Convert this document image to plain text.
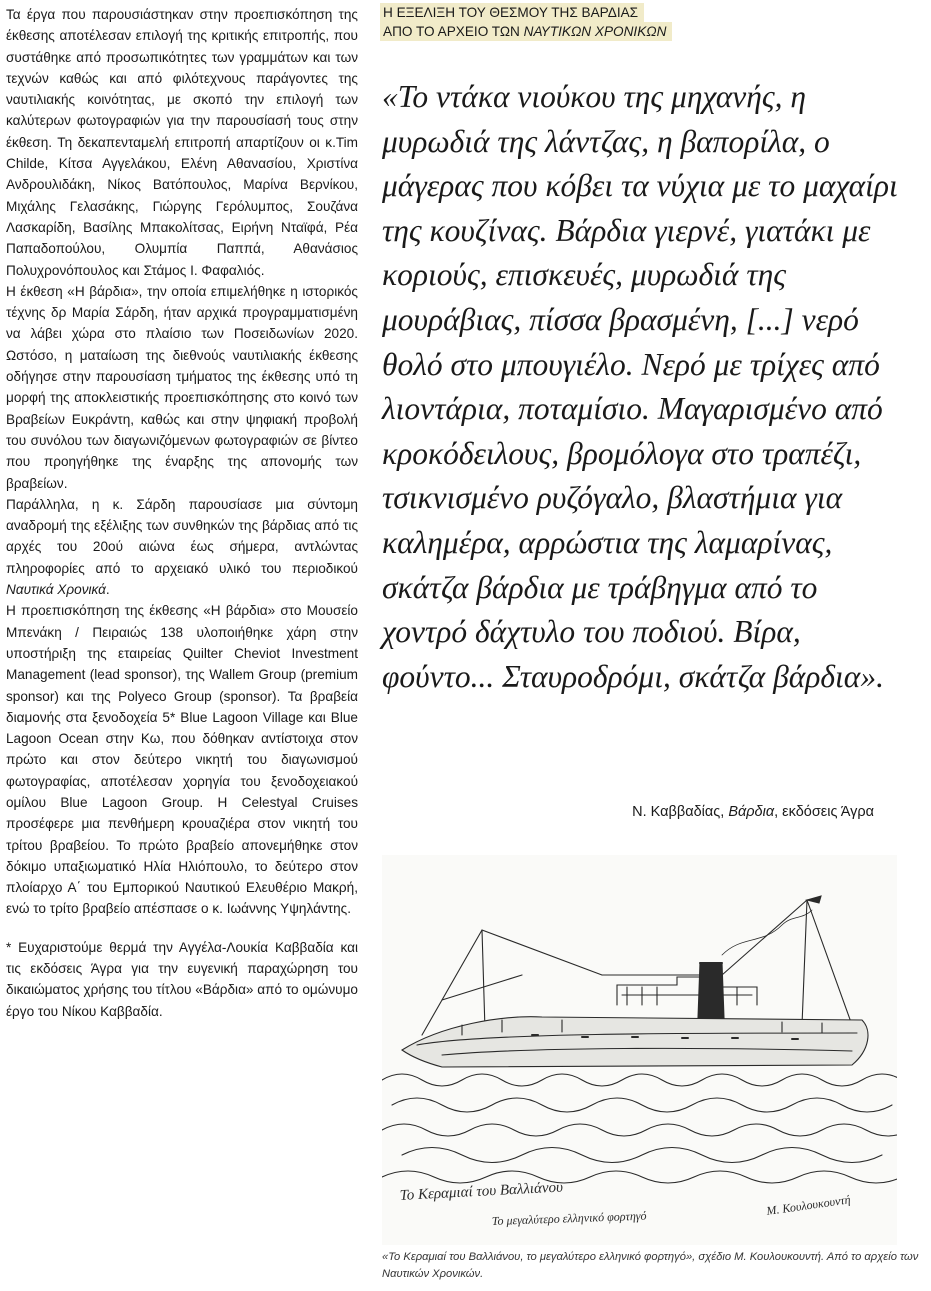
Τα έργα που παρουσιάστηκαν στην προεπισκόπηση της έκθεσης αποτέλεσαν επιλογή της κριτικής επιτροπής, που συστάθηκε από προσωπικότητες των γραμμάτων και των τεχνών καθώς και από φιλότεχνους παράγοντες της ναυτιλιακής κοινότητας, με σκοπό την επιλογή των καλύτερων φωτογραφιών για την παρουσίασή τους στην έκθεση. Τη δεκαπενταμελή επιτροπή απαρτίζουν οι κ.Tim Childe, Κίτσα Αγγελάκου, Ελένη Αθανασίου, Χριστίνα Ανδρουλιδάκη, Νίκος Βατόπουλος, Μαρίνα Βερνίκου, Μιχάλης Γελασάκης, Γιώργης Γερόλυμπος, Σουζάνα Λασκαρίδη, Βασίλης Μπακολίτσας, Ειρήνη Νταϊφά, Ρέα Παπαδοπούλου, Ολυμπία Παππά, Αθανάσιος Πολυχρονόπουλος και Στάμος Ι. Φαφαλιός.

Η έκθεση «Η βάρδια», την οποία επιμελήθηκε η ιστορικός τέχνης δρ Μαρία Σάρδη, ήταν αρχικά προγραμματισμένη να λάβει χώρα στο πλαίσιο των Ποσειδωνίων 2020. Ωστόσο, η ματαίωση της διεθνούς ναυτιλιακής έκθεσης οδήγησε στην παρουσίαση τμήματος της έκθεσης υπό τη μορφή της αποκλειστικής προεπισκόπησης στο κοινό των Βραβείων Ευκράντη, καθώς και στην ψηφιακή προβολή του συνόλου των διαγωνιζόμενων φωτογραφιών σε βίντεο που προηγήθηκε της έναρξης της απονομής των βραβείων.

Παράλληλα, η κ. Σάρδη παρουσίασε μια σύντομη αναδρομή της εξέλιξης των συνθηκών της βάρδιας από τις αρχές του 20ού αιώνα έως σήμερα, αντλώντας πληροφορίες από το αρχειακό υλικό του περιοδικού Ναυτικά Χρονικά.

Η προεπισκόπηση της έκθεσης «Η βάρδια» στο Μουσείο Μπενάκη / Πειραιώς 138 υλοποιήθηκε χάρη στην υποστήριξη της εταιρείας Quilter Cheviot Investment Management (lead sponsor), της Wallem Group (premium sponsor) και της Polyeco Group (sponsor). Τα βραβεία διαμονής στα ξενοδοχεία 5* Blue Lagoon Village και Blue Lagoon Ocean στην Κω, που δόθηκαν αντίστοιχα στον πρώτο και στον δεύτερο νικητή του διαγωνισμού φωτογραφίας, αποτέλεσαν χορηγία του ξενοδοχειακού ομίλου Blue Lagoon Group. Η Celestyal Cruises προσέφερε μια πενθήμερη κρουαζιέρα στον νικητή του τρίτου βραβείου. Το πρώτο βραβείο απονεμήθηκε στον δόκιμο υπαξιωματικό Ηλία Ηλιόπουλο, το δεύτερο στον πλοίαρχο Α΄ του Εμπορικού Ναυτικού Ελευθέριο Μακρή, ενώ το τρίτο βραβείο απέσπασε ο κ. Ιωάννης Υψηλάντης.

* Ευχαριστούμε θερμά την Αγγέλα-Λουκία Καββαδία και τις εκδόσεις Άγρα για την ευγενική παραχώρηση του δικαιώματος χρήσης του τίτλου «Βάρδια» από το ομώνυμο έργο του Νίκου Καββαδία.

Η ΕΞΕΛΙΞΗ ΤΟΥ ΘΕΣΜΟΥ ΤΗΣ ΒΑΡΔΙΑΣ
ΑΠΟ ΤΟ ΑΡΧΕΙΟ ΤΩΝ ΝΑΥΤΙΚΩΝ ΧΡΟΝΙΚΩΝ

«Το ντάκα νιούκου της μηχανής, η μυρωδιά της λάντζας, η βαπορίλα, ο μάγερας που κόβει τα νύχια με το μαχαίρι της κουζίνας. Βάρδια γιερνέ, γιατάκι με κοριούς, επισκευές, μυρωδιά της μουράβιας, πίσσα βρασμένη, [...] νερό θολό στο μπουγιέλο. Νερό με τρίχες από λιοντάρια, ποταμίσιο. Μαγαρισμένο από κροκόδειλους, βρομόλογα στο τραπέζι, τσικνισμένο ρυζόγαλο, βλαστήμια για καλημέρα, αρρώστια της λαμαρίνας, σκάτζα βάρδια με τράβηγμα από το χοντρό δάχτυλο του ποδιού. Βίρα, φούντο... Σταυροδρόμι, σκάτζα βάρδια».

Ν. Καββαδίας, Βάρδια, εκδόσεις Άγρα
Το Κεραμιαί του Βαλλιάνου
Το μεγαλύτερο ελληνικό φορτηγό
Μ. Κουλουκουντή
«Το Κεραμιαί του Βαλλιάνου, το μεγαλύτερο ελληνικό φορτηγό», σχέδιο Μ. Κουλουκουντή. Από το αρχείο των Ναυτικών Χρονικών.
